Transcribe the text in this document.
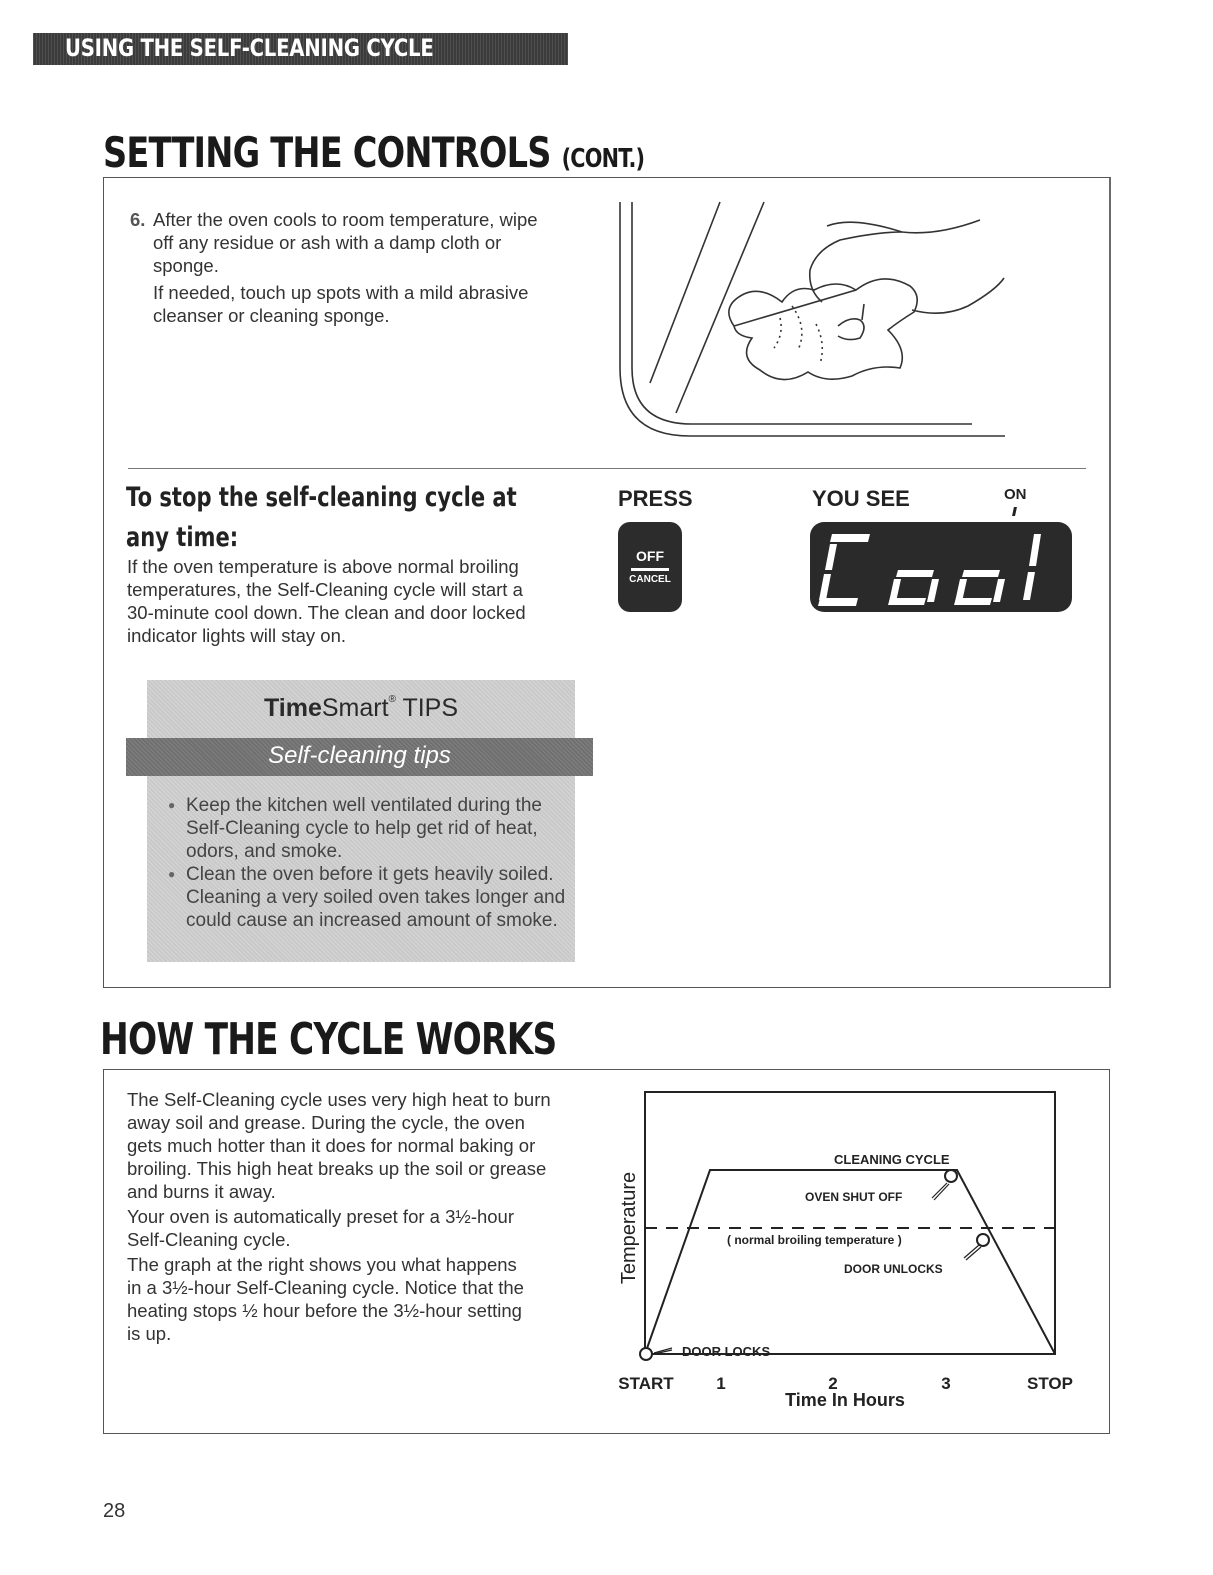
USING THE SELF-CLEANING CYCLE
SETTING THE CONTROLS (CONT.)
6. After the oven cools to room temperature, wipe
off any residue or ash with a damp cloth or
sponge.
If needed, touch up spots with a mild abrasive
cleanser or cleaning sponge.
To stop the self-cleaning cycle at
any time:
If the oven temperature is above normal broiling
temperatures, the Self-Cleaning cycle will start a
30-minute cool down. The clean and door locked
indicator lights will stay on.
PRESS	YOU SEE	ON
OFF
CANCEL
TimeSmart® TIPS
Self-cleaning tips
● Keep the kitchen well ventilated during the Self-Cleaning cycle to help get rid of heat, odors, and smoke.
● Clean the oven before it gets heavily soiled. Cleaning a very soiled oven takes longer and could cause an increased amount of smoke.
HOW THE CYCLE WORKS
The Self-Cleaning cycle uses very high heat to burn
away soil and grease. During the cycle, the oven
gets much hotter than it does for normal baking or
broiling. This high heat breaks up the soil or grease
and burns it away.
Your oven is automatically preset for a 3½-hour
Self-Cleaning cycle.
The graph at the right shows you what happens
in a 3½-hour Self-Cleaning cycle. Notice that the
heating stops ½ hour before the 3½-hour setting
is up.
CLEANING CYCLE
OVEN SHUT OFF
( normal broiling temperature )
DOOR UNLOCKS
DOOR LOCKS
Temperature
START	1	2	3	STOP
Time In Hours
28
